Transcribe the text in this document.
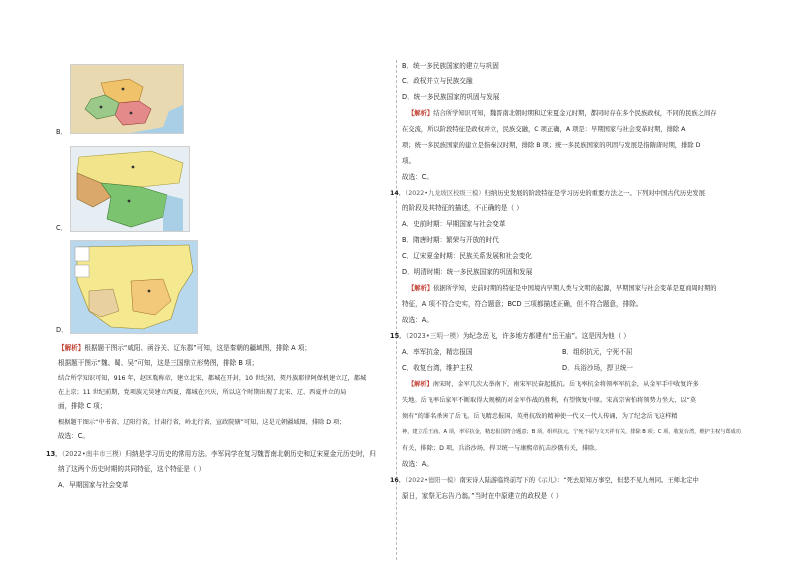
B．
C．
D．
【解析】根据题干图示“咸阳、函谷关、辽东郡”可知，这是秦朝的疆域图，排除 A 项；
根据题干图示“魏、蜀、吴”可知，这是三国鼎立形势图，排除 B 项；
结合所学知识可知，916 年，赵匡胤称帝，建立北宋，都城在开封，10 世纪初，契丹族耶律阿保机建立辽，都城
在上京；11 世纪前期，党项族元昊建立西夏，都城在兴庆，所以这个时期出现了北宋、辽、西夏并立的局
面，排除 C 项；
根据题干图示“中书省、辽阳行省，甘肃行省，岭北行省，宣政院辖”可知，这是元朝疆域图，排除 D 项；
故选：C。
13．（2022•南丰市三模）归纳是学习历史的常用方法。李军同学在复习魏晋南北朝历史和辽宋夏金元历史时，归
纳了这两个历史时期的共同特征，这个特征是（ ）
A．早期国家与社会变革
B．统一多民族国家的建立与巩固
C．政权并立与民族交融
D．统一多民族国家的巩固与发展
【解析】结合所学知识可知，魏晋南北朝时期和辽宋夏金元时期，都同时存在多个民族政权，不同的民族之间存
在交流，所以阶段特征是政权并立，民族交融，C 项正确，A 项是：早期国家与社会变革时期，排除 A
项；统一多民族国家的建立是指秦汉时期，排除 B 项；统一多民族国家的巩固与发展是指隋唐时期，排除 D
项。
故选：C。
14．（2022•九龙坡区校级三模）归纳历史发展的阶段特征是学习历史的重要方法之一。下列对中国古代历史发展
的阶段及其特征的描述，不正确的是（ ）
A．史前时期：早期国家与社会变革
B．隋唐时期：繁荣与开放的时代
C．辽宋夏金时期：民族关系发展和社会变化
D．明清时期：统一多民族国家的巩固和发展
【解析】依据所学知，史前时期的特征是中国境内早期人类与文明的起源，早期国家与社会变革是夏商周时期的
特征，A 项不符合史实，符合题意；BCD 三项都描述正确，但不符合题意，排除。
故选：A。
15．（2023•三明一模）为纪念岳飞，许多地方都建有“岳王庙”。这是因为他（ ）
A．率军抗金，精忠报国	B．组织抗元，宁死不屈
C．收复台湾，维护主权	D．兵浴沙场，捍卫统一
【解析】南宋时，金军几次大举南下，南宋军民奋起抵抗。岳飞率抗金将领率军抗金，从金军手中收复许多
失地。岳飞率岳家军不断取得大规模的对金军作战的胜利，有望恢复中原。宋高宗害怕将领势力坐大，以“莫
须有”的罪名杀害了岳飞。岳飞精忠报国，英勇抗敌的精神使一代又一代人传诵，为了纪念岳飞这样精
神，建立岳王庙。A 项，率军抗金，精忠报国符合题意；B 项，组织抗元，宁死不屈与文天祥有关，排除 B 项；C 项，收复台湾，维护主权与郑成功
有关，排除；D 项，兵浴沙场，捍卫统一与康熙帝抗击沙俄有关，排除。
故选：A。
16．（2022•德阳一模）南宋诗人陆游临终前写下的《示儿》：“死去原知万事空，但悲不见九州同。王师北定中
原日，家祭无忘告乃翁。”当时在中原建立的政权是（ ）
